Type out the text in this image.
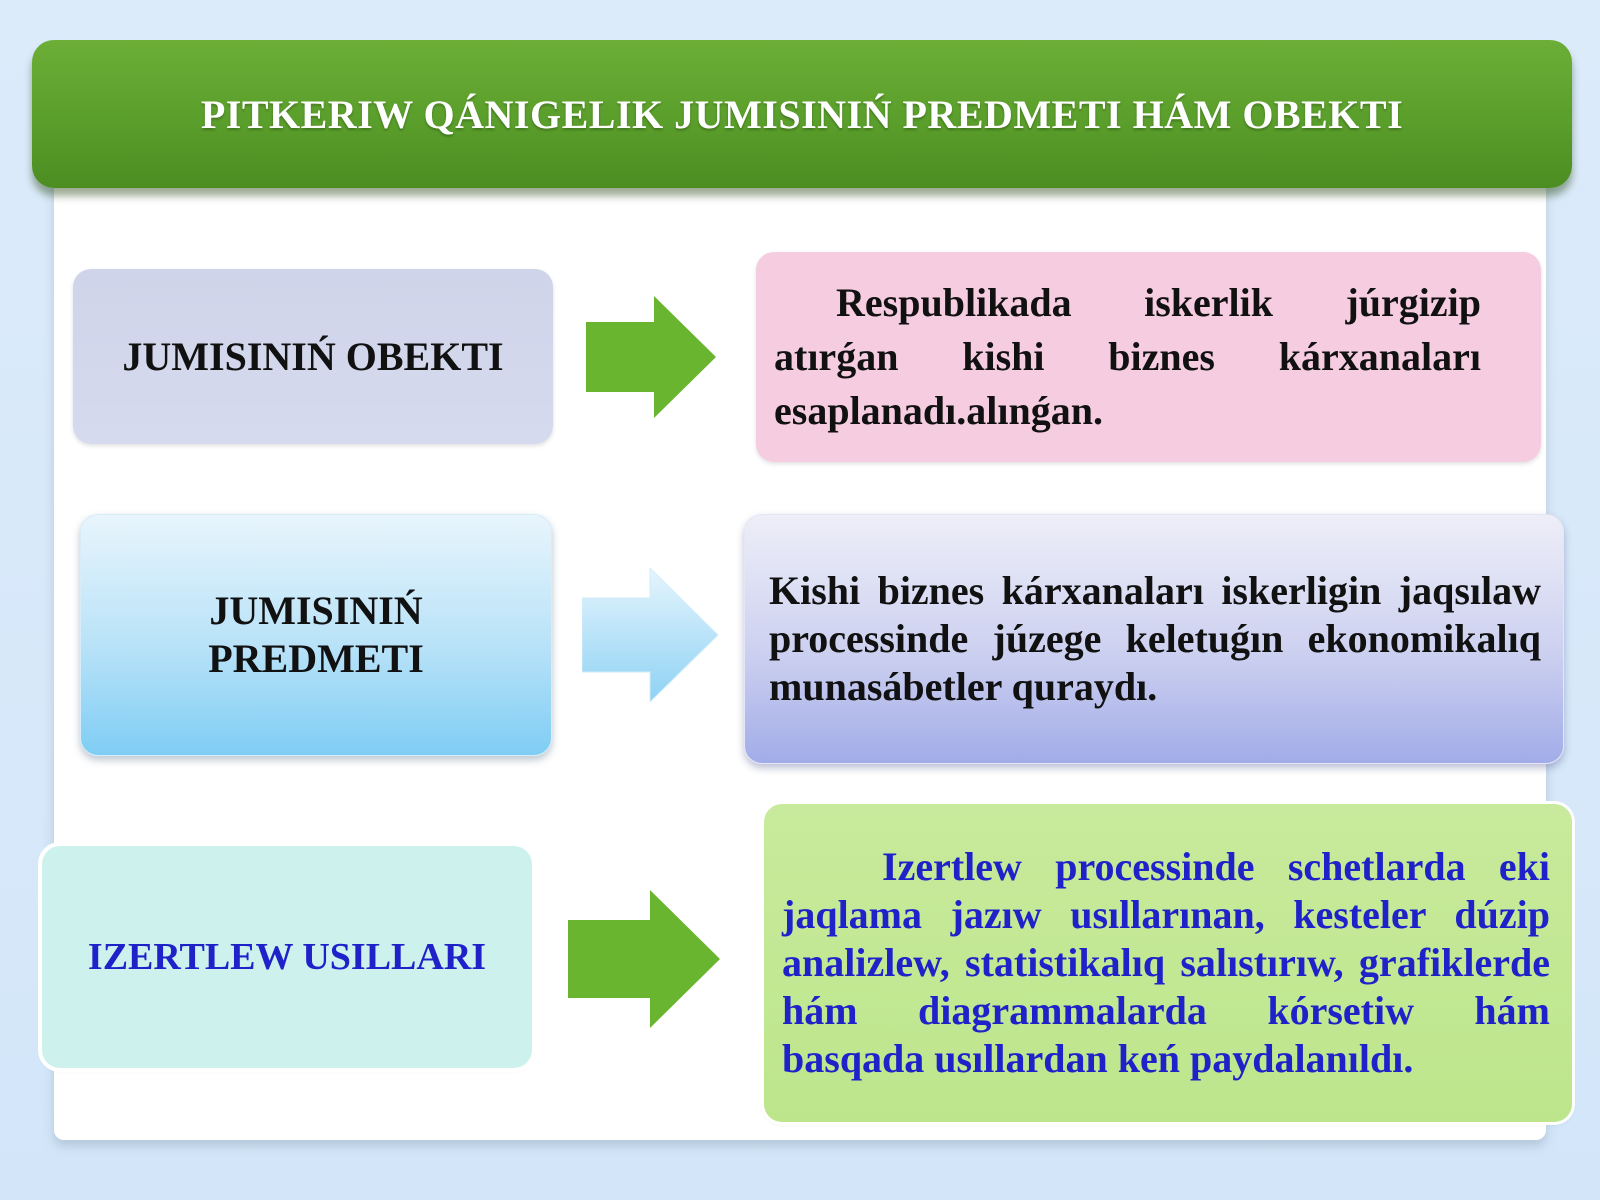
PITKERIW QÁNIGELIK JUMISINIŃ PREDMETI HÁM OBEKTI
JUMISINIŃ OBEKTI
Respublikada iskerlik júrgizip atırǵan kishi biznes kárxanaları esaplanadı.alınǵan.
JUMISINIŃ PREDMETI
Kishi biznes kárxanaları iskerligin jaqsılaw processinde júzege keletuǵın ekonomikalıq munasábetler quraydı.
IZERTLEW USILLARI
Izertlew processinde schetlarda eki jaqlama jazıw usıllarınan, kesteler dúzip analizlew, statistikalıq salıstırıw, grafiklerde hám diagrammalarda kórsetiw hám basqada usıllardan keń paydalanıldı.
